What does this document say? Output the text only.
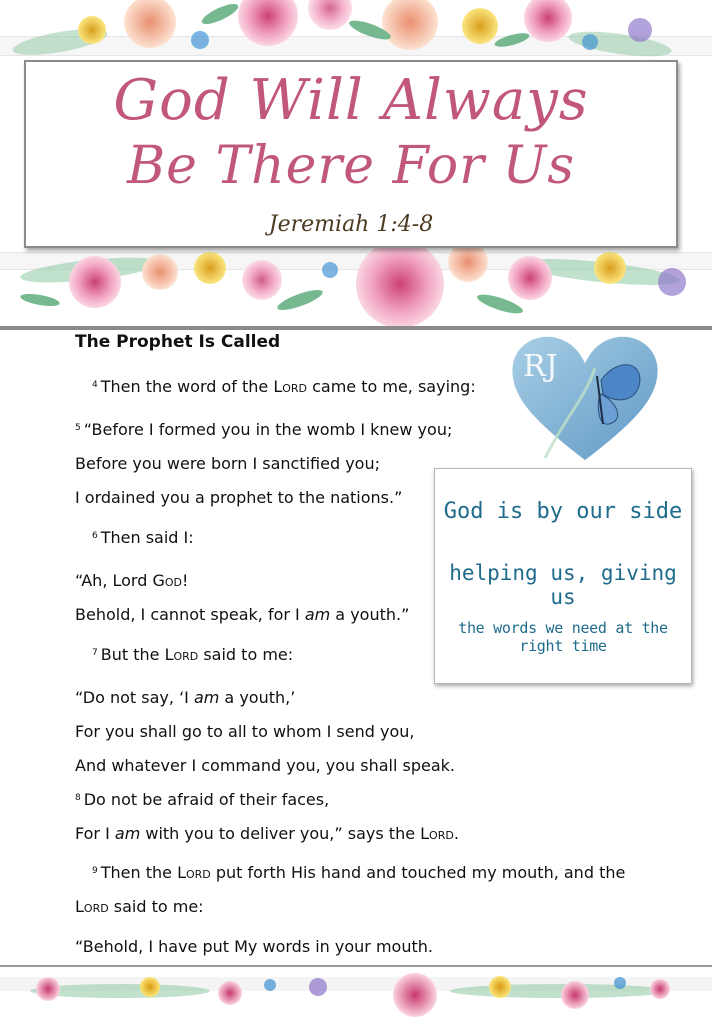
God Will Always
Be There For Us
Jeremiah 1:4-8
The Prophet Is Called
$^4$ Then the word of the Lord came to me, saying:
$^5$ “Before I formed you in the womb I knew you;
Before you were born I sanctified you;
I ordained you a prophet to the nations.”
$^6$ Then said I:
“Ah, Lord God!
Behold, I cannot speak, for I am a youth.”
$^7$ But the Lord said to me:
“Do not say, ‘I am a youth,’
For you shall go to all to whom I send you,
And whatever I command you, you shall speak.
$^8$ Do not be afraid of their faces,
For I am with you to deliver you,” says the Lord.
$^9$ Then the Lord put forth His hand and touched my mouth, and the
Lord said to me:
“Behold, I have put My words in your mouth.
RJ
God is by our side
helping us, giving us
the words we need at the right time
